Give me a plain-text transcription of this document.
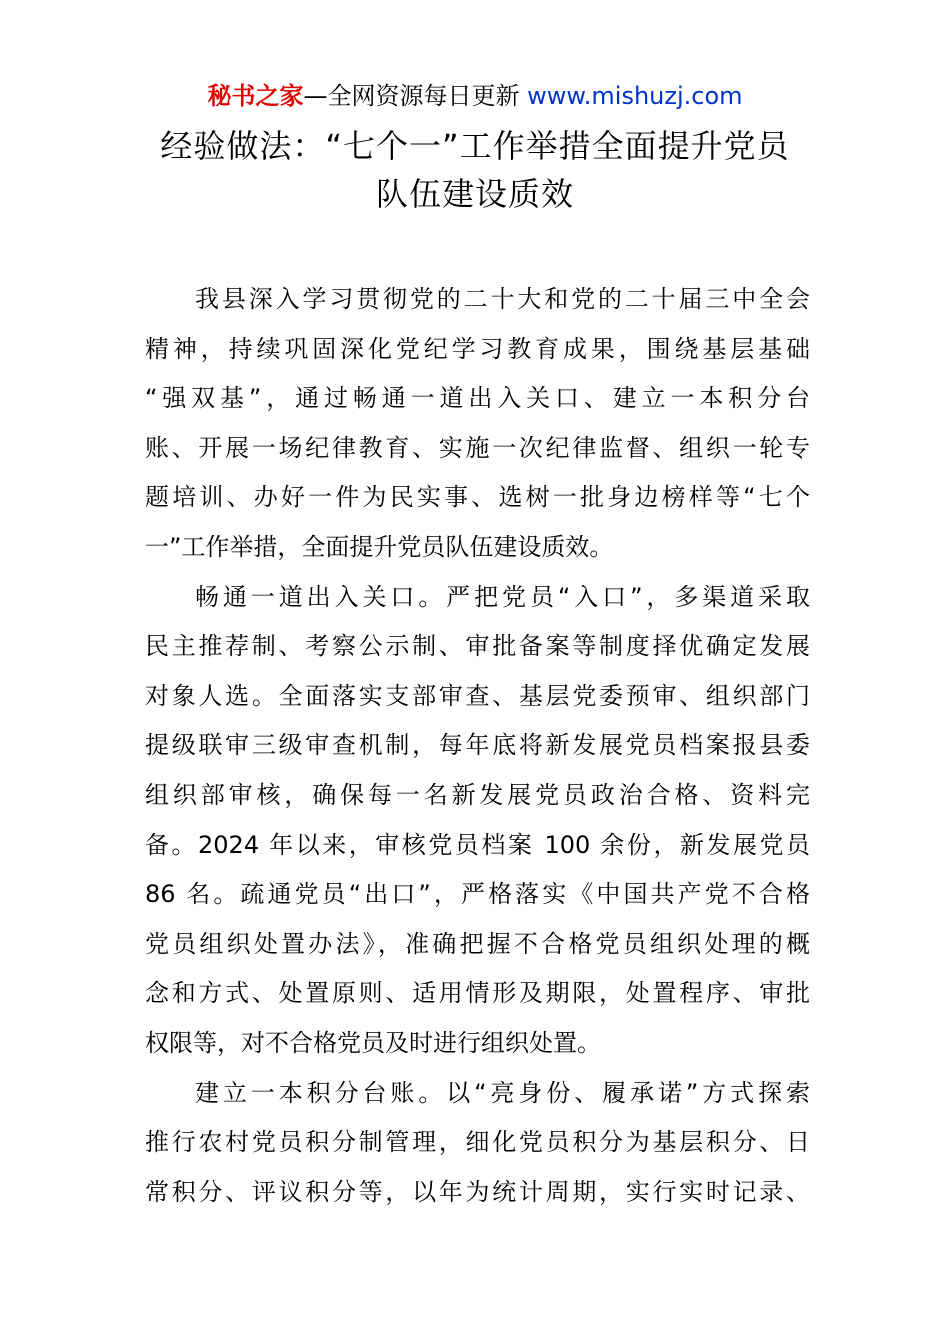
秘书之家—全网资源每日更新 www.mishuzj.com
经验做法：“七个一”工作举措全面提升党员
队伍建设质效
我县深入学习贯彻党的二十大和党的二十届三中全会
精神，持续巩固深化党纪学习教育成果，围绕基层基础
“强双基”，通过畅通一道出入关口、建立一本积分台
账、开展一场纪律教育、实施一次纪律监督、组织一轮专
题培训、办好一件为民实事、选树一批身边榜样等“七个
一”工作举措，全面提升党员队伍建设质效。
畅通一道出入关口。严把党员“入口”，多渠道采取
民主推荐制、考察公示制、审批备案等制度择优确定发展
对象人选。全面落实支部审查、基层党委预审、组织部门
提级联审三级审查机制，每年底将新发展党员档案报县委
组织部审核，确保每一名新发展党员政治合格、资料完
备。2024 年以来，审核党员档案 100 余份，新发展党员
86 名。疏通党员“出口”，严格落实《中国共产党不合格
党员组织处置办法》，准确把握不合格党员组织处理的概
念和方式、处置原则、适用情形及期限，处置程序、审批
权限等，对不合格党员及时进行组织处置。
建立一本积分台账。以“亮身份、履承诺”方式探索
推行农村党员积分制管理，细化党员积分为基层积分、日
常积分、评议积分等，以年为统计周期，实行实时记录、
